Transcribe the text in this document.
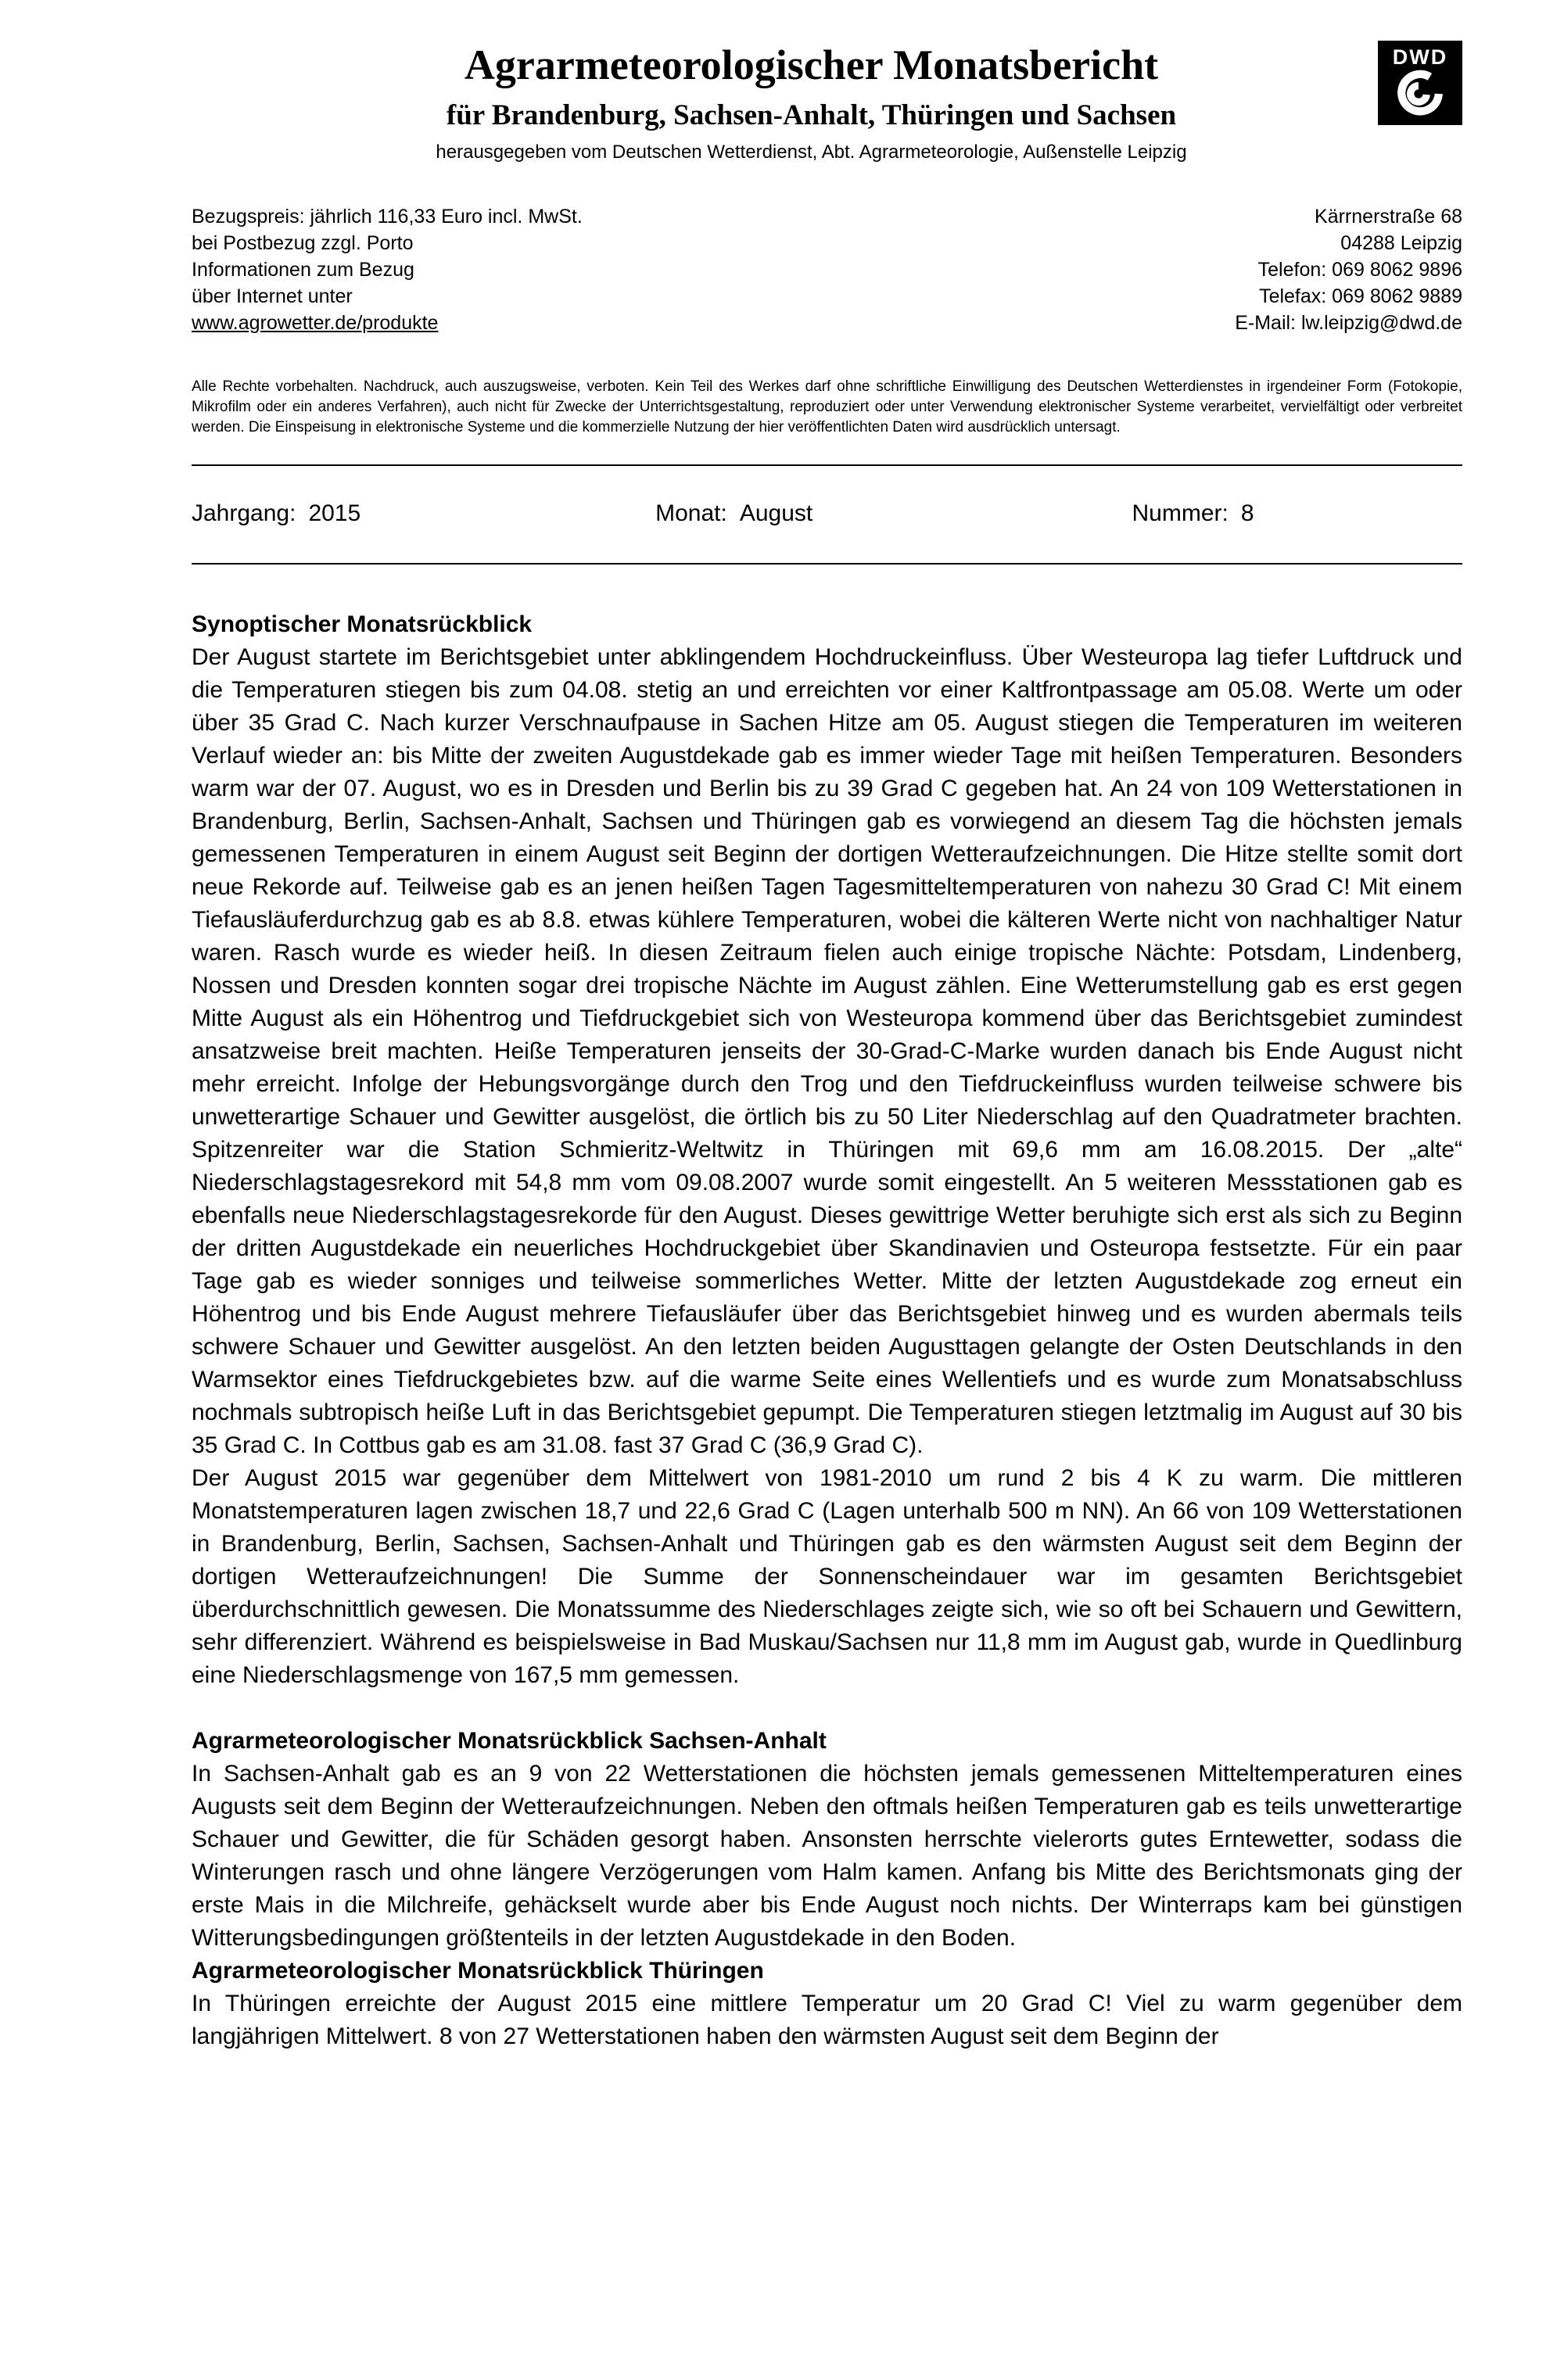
Agrarmeteorologischer Monatsbericht
für Brandenburg, Sachsen-Anhalt, Thüringen und Sachsen
herausgegeben vom Deutschen Wetterdienst, Abt. Agrarmeteorologie, Außenstelle Leipzig
DWD
Bezugspreis: jährlich 116,33 Euro incl. MwSt.
bei Postbezug zzgl. Porto
Informationen zum Bezug
über Internet unter
www.agrowetter.de/produkte
Kärrnerstraße 68
04288 Leipzig
Telefon: 069 8062 9896
Telefax: 069 8062 9889
E-Mail: lw.leipzig@dwd.de

Alle Rechte vorbehalten. Nachdruck, auch auszugsweise, verboten. Kein Teil des Werkes darf ohne schriftliche Einwilligung des Deutschen Wetterdienstes in irgendeiner Form (Fotokopie, Mikrofilm oder ein anderes Verfahren), auch nicht für Zwecke der Unterrichtsgestaltung, reproduziert oder unter Verwendung elektronischer Systeme verarbeitet, vervielfältigt oder verbreitet werden. Die Einspeisung in elektronische Systeme und die kommerzielle Nutzung der hier veröffentlichten Daten wird ausdrücklich untersagt.

Jahrgang: 2015	Monat: August	Nummer: 8
Synoptischer Monatsrückblick

Der August startete im Berichtsgebiet unter abklingendem Hochdruckeinfluss. Über Westeuropa lag tiefer Luftdruck und die Temperaturen stiegen bis zum 04.08. stetig an und erreichten vor einer Kaltfrontpassage am 05.08. Werte um oder über 35 Grad C. Nach kurzer Verschnaufpause in Sachen Hitze am 05. August stiegen die Temperaturen im weiteren Verlauf wieder an: bis Mitte der zweiten Augustdekade gab es immer wieder Tage mit heißen Temperaturen. Besonders warm war der 07. August, wo es in Dresden und Berlin bis zu 39 Grad C gegeben hat. An 24 von 109 Wetterstationen in Brandenburg, Berlin, Sachsen-Anhalt, Sachsen und Thüringen gab es vorwiegend an diesem Tag die höchsten jemals gemessenen Temperaturen in einem August seit Beginn der dortigen Wetteraufzeichnungen. Die Hitze stellte somit dort neue Rekorde auf. Teilweise gab es an jenen heißen Tagen Tagesmitteltemperaturen von nahezu 30 Grad C! Mit einem Tiefausläuferdurchzug gab es ab 8.8. etwas kühlere Temperaturen, wobei die kälteren Werte nicht von nachhaltiger Natur waren. Rasch wurde es wieder heiß. In diesen Zeitraum fielen auch einige tropische Nächte: Potsdam, Lindenberg, Nossen und Dresden konnten sogar drei tropische Nächte im August zählen. Eine Wetterumstellung gab es erst gegen Mitte August als ein Höhentrog und Tiefdruckgebiet sich von Westeuropa kommend über das Berichtsgebiet zumindest ansatzweise breit machten. Heiße Temperaturen jenseits der 30-Grad-C-Marke wurden danach bis Ende August nicht mehr erreicht. Infolge der Hebungsvorgänge durch den Trog und den Tiefdruckeinfluss wurden teilweise schwere bis unwetterartige Schauer und Gewitter ausgelöst, die örtlich bis zu 50 Liter Niederschlag auf den Quadratmeter brachten. Spitzenreiter war die Station Schmieritz-Weltwitz in Thüringen mit 69,6 mm am 16.08.2015. Der „alte“ Niederschlagstagesrekord mit 54,8 mm vom 09.08.2007 wurde somit eingestellt. An 5 weiteren Messstationen gab es ebenfalls neue Niederschlagstagesrekorde für den August. Dieses gewittrige Wetter beruhigte sich erst als sich zu Beginn der dritten Augustdekade ein neuerliches Hochdruckgebiet über Skandinavien und Osteuropa festsetzte. Für ein paar Tage gab es wieder sonniges und teilweise sommerliches Wetter. Mitte der letzten Augustdekade zog erneut ein Höhentrog und bis Ende August mehrere Tiefausläufer über das Berichtsgebiet hinweg und es wurden abermals teils schwere Schauer und Gewitter ausgelöst. An den letzten beiden Augusttagen gelangte der Osten Deutschlands in den Warmsektor eines Tiefdruckgebietes bzw. auf die warme Seite eines Wellentiefs und es wurde zum Monatsabschluss nochmals subtropisch heiße Luft in das Berichtsgebiet gepumpt. Die Temperaturen stiegen letztmalig im August auf 30 bis 35 Grad C. In Cottbus gab es am 31.08. fast 37 Grad C (36,9 Grad C).

Der August 2015 war gegenüber dem Mittelwert von 1981-2010 um rund 2 bis 4 K zu warm. Die mittleren Monatstemperaturen lagen zwischen 18,7 und 22,6 Grad C (Lagen unterhalb 500 m NN). An 66 von 109 Wetterstationen in Brandenburg, Berlin, Sachsen, Sachsen-Anhalt und Thüringen gab es den wärmsten August seit dem Beginn der dortigen Wetteraufzeichnungen! Die Summe der Sonnenscheindauer war im gesamten Berichtsgebiet überdurchschnittlich gewesen. Die Monatssumme des Niederschlages zeigte sich, wie so oft bei Schauern und Gewittern, sehr differenziert. Während es beispielsweise in Bad Muskau/Sachsen nur 11,8 mm im August gab, wurde in Quedlinburg eine Niederschlagsmenge von 167,5 mm gemessen.

Agrarmeteorologischer Monatsrückblick Sachsen-Anhalt

In Sachsen-Anhalt gab es an 9 von 22 Wetterstationen die höchsten jemals gemessenen Mitteltemperaturen eines Augusts seit dem Beginn der Wetteraufzeichnungen. Neben den oftmals heißen Temperaturen gab es teils unwetterartige Schauer und Gewitter, die für Schäden gesorgt haben. Ansonsten herrschte vielerorts gutes Erntewetter, sodass die Winterungen rasch und ohne längere Verzögerungen vom Halm kamen. Anfang bis Mitte des Berichtsmonats ging der erste Mais in die Milchreife, gehäckselt wurde aber bis Ende August noch nichts. Der Winterraps kam bei günstigen Witterungsbedingungen größtenteils in der letzten Augustdekade in den Boden.

Agrarmeteorologischer Monatsrückblick Thüringen

In Thüringen erreichte der August 2015 eine mittlere Temperatur um 20 Grad C! Viel zu warm gegenüber dem langjährigen Mittelwert. 8 von 27 Wetterstationen haben den wärmsten August seit dem Beginn der
